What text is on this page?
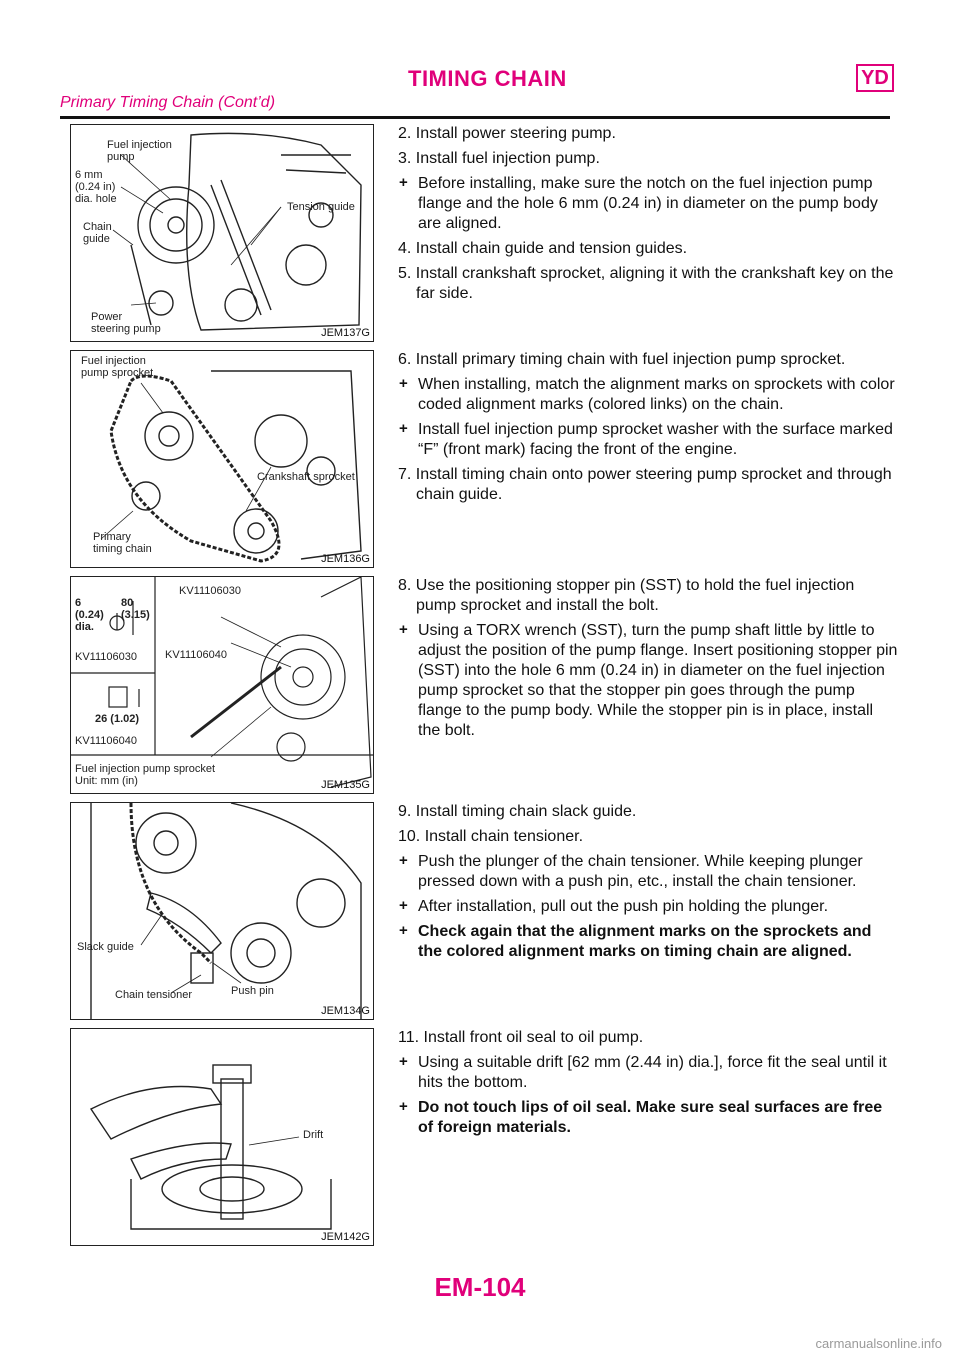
TIMING CHAIN	YD
Primary Timing Chain (Cont’d)
Fuel injection
pump
6 mm
(0.24 in)
dia. hole
Chain
guide
Tension guide
Power
steering pump	JEM137G

2. Install power steering pump.

3. Install fuel injection pump.

+ Before installing, make sure the notch on the fuel injection pump flange and the hole 6 mm (0.24 in) in diameter on the pump body are aligned.

4. Install chain guide and tension guides.

5. Install crankshaft sprocket, aligning it with the crankshaft key on the far side.

Fuel injection
pump sprocket
Crankshaft sprocket
Primary
timing chain
JEM136G

6. Install primary timing chain with fuel injection pump sprocket.

+ When installing, match the alignment marks on sprockets with color coded alignment marks (colored links) on the chain.

+ Install fuel injection pump sprocket washer with the surface marked “F” (front mark) facing the front of the engine.

7. Install timing chain onto power steering pump sprocket and through chain guide.

6
(0.24)
dia.
80
(3.15)
KV11106030
26 (1.02)
KV11106040
KV11106030
KV11106040
Fuel injection pump sprocket
Unit: mm (in)	JEM135G

8. Use the positioning stopper pin (SST) to hold the fuel injection pump sprocket and install the bolt.

+ Using a TORX wrench (SST), turn the pump shaft little by little to adjust the position of the pump flange. Insert positioning stopper pin (SST) into the hole 6 mm (0.24 in) in diameter on the fuel injection pump sprocket so that the stopper pin goes through the pump flange to the pump body. While the stopper pin is in place, install the bolt.

Slack guide
Chain tensioner	Push pin
JEM134G

9. Install timing chain slack guide.

10. Install chain tensioner.

+ Push the plunger of the chain tensioner. While keeping plunger pressed down with a push pin, etc., install the chain tensioner.

+ After installation, pull out the push pin holding the plunger.

+ Check again that the alignment marks on the sprockets and the colored alignment marks on timing chain are aligned.

Drift
JEM142G

11. Install front oil seal to oil pump.

+ Using a suitable drift [62 mm (2.44 in) dia.], force fit the seal until it hits the bottom.

+ Do not touch lips of oil seal. Make sure seal surfaces are free of foreign materials.

EM-104
carmanualsonline.info
